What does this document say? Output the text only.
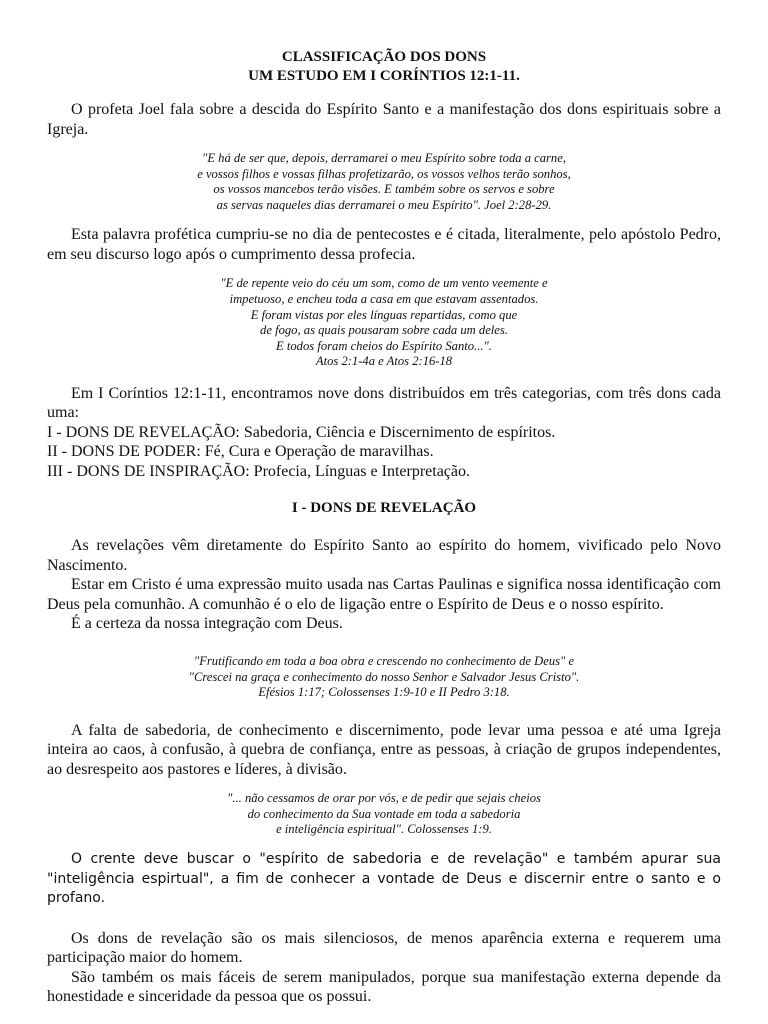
CLASSIFICAÇÃO DOS DONS
UM ESTUDO EM I CORÍNTIOS 12:1-11.

O profeta Joel fala sobre a descida do Espírito Santo e a manifestação dos dons espirituais sobre a Igreja.

"E há de ser que, depois, derramarei o meu Espírito sobre toda a carne,
e vossos filhos e vossas filhas profetizarão, os vossos velhos terão sonhos,
os vossos mancebos terão visões. E também sobre os servos e sobre
as servas naqueles dias derramarei o meu Espírito". Joel 2:28-29.

Esta palavra profética cumpriu-se no dia de pentecostes e é citada, literalmente, pelo apóstolo Pedro, em seu discurso logo após o cumprimento dessa profecia.

"E de repente veio do céu um som, como de um vento veemente e
impetuoso, e encheu toda a casa em que estavam assentados.
E foram vistas por eles línguas repartidas, como que
de fogo, as quais pousaram sobre cada um deles.
E todos foram cheios do Espírito Santo...".
Atos 2:1-4a e Atos 2:16-18

Em I Coríntios 12:1-11, encontramos nove dons distribuídos em três categorias, com três dons cada uma:

I - DONS DE REVELAÇÃO: Sabedoria, Ciência e Discernimento de espíritos.
II - DONS DE PODER: Fé, Cura e Operação de maravilhas.
III - DONS DE INSPIRAÇÃO: Profecia, Línguas e Interpretação.
I - DONS DE REVELAÇÃO

As revelações vêm diretamente do Espírito Santo ao espírito do homem, vivificado pelo Novo Nascimento.

Estar em Cristo é uma expressão muito usada nas Cartas Paulinas e significa nossa identificação com Deus pela comunhão. A comunhão é o elo de ligação entre o Espírito de Deus e o nosso espírito.

É a certeza da nossa integração com Deus.

"Frutificando em toda a boa obra e crescendo no conhecimento de Deus" e
"Crescei na graça e conhecimento do nosso Senhor e Salvador Jesus Cristo".
Efésios 1:17; Colossenses 1:9-10 e II Pedro 3:18.

A falta de sabedoria, de conhecimento e discernimento, pode levar uma pessoa e até uma Igreja inteira ao caos, à confusão, à quebra de confiança, entre as pessoas, à criação de grupos independentes, ao desrespeito aos pastores e líderes, à divisão.

"... não cessamos de orar por vós, e de pedir que sejais cheios
do conhecimento da Sua vontade em toda a sabedoria
e inteligência espiritual". Colossenses 1:9.

O crente deve buscar o "espírito de sabedoria e de revelação" e também apurar sua "inteligência espirtual", a fim de conhecer a vontade de Deus e discernir entre o santo e o profano.

Os dons de revelação são os mais silenciosos, de menos aparência externa e requerem uma participação maior do homem.

São também os mais fáceis de serem manipulados, porque sua manifestação externa depende da honestidade e sinceridade da pessoa que os possui.
